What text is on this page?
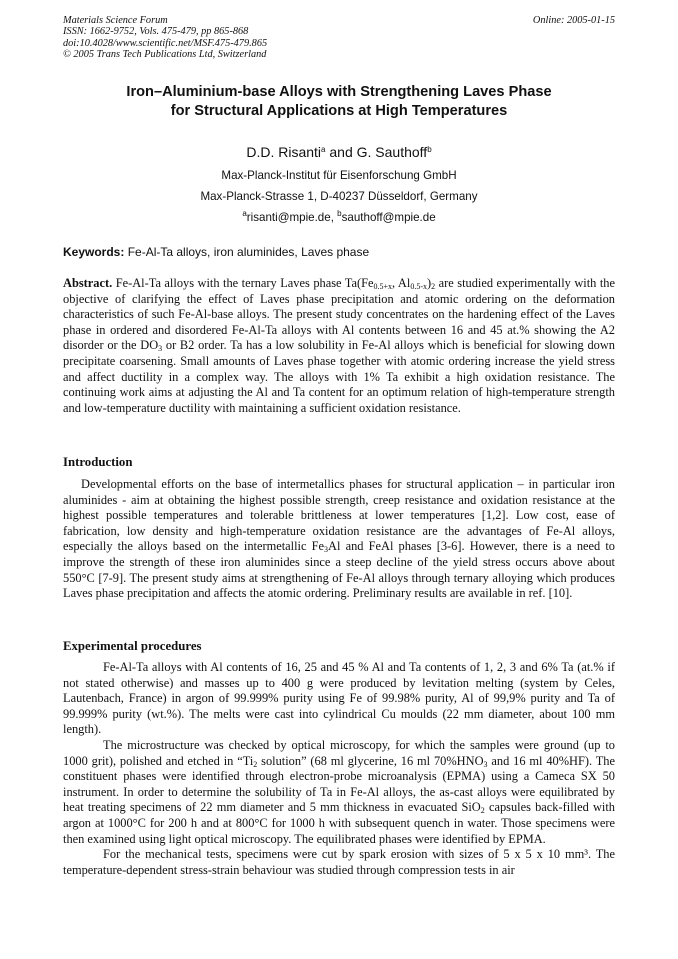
Materials Science Forum
ISSN: 1662-9752, Vols. 475-479, pp 865-868
doi:10.4028/www.scientific.net/MSF.475-479.865
© 2005 Trans Tech Publications Ltd, Switzerland
Online: 2005-01-15
Iron–Aluminium-base Alloys with Strengthening Laves Phase
for Structural Applications at High Temperatures
D.D. Risanti$^a$ and G. Sauthoff$^b$
Max-Planck-Institut für Eisenforschung GmbH
Max-Planck-Strasse 1, D-40237 Düsseldorf, Germany
$^a$risanti@mpie.de, $^b$sauthoff@mpie.de
Keywords: Fe-Al-Ta alloys, iron aluminides, Laves phase

Abstract. Fe-Al-Ta alloys with the ternary Laves phase $Ta(Fe_{0.5+x}$, $Al_{0.5-x})_2$ are studied experimentally with the objective of clarifying the effect of Laves phase precipitation and atomic ordering on the deformation characteristics of such Fe-Al-base alloys. The present study concentrates on the hardening effect of the Laves phase in ordered and disordered Fe-Al-Ta alloys with Al contents between 16 and 45 at.% showing the A2 disorder or the $DO_3$ or B2 order. Ta has a low solubility in Fe-Al alloys which is beneficial for slowing down precipitate coarsening. Small amounts of Laves phase together with atomic ordering increase the yield stress and affect ductility in a complex way. The alloys with 1% Ta exhibit a high oxidation resistance. The continuing work aims at adjusting the Al and Ta content for an optimum relation of high-temperature strength and low-temperature ductility with maintaining a sufficient oxidation resistance.

Introduction

Developmental efforts on the base of intermetallics phases for structural application – in particular iron aluminides - aim at obtaining the highest possible strength, creep resistance and oxidation resistance at the highest possible temperatures and tolerable brittleness at lower temperatures [1,2]. Low cost, ease of fabrication, low density and high-temperature oxidation resistance are the advantages of Fe-Al alloys, especially the alloys based on the intermetallic $Fe_3Al$ and FeAl phases [3-6]. However, there is a need to improve the strength of these iron aluminides since a steep decline of the yield stress occurs above about 550°C [7-9]. The present study aims at strengthening of Fe-Al alloys through ternary alloying which produces Laves phase precipitation and affects the atomic ordering. Preliminary results are available in ref. [10].

Experimental procedures

Fe-Al-Ta alloys with Al contents of 16, 25 and 45 % Al and Ta contents of 1, 2, 3 and 6% Ta (at.% if not stated otherwise) and masses up to 400 g were produced by levitation melting (system by Celes, Lautenbach, France) in argon of 99.999% purity using Fe of 99.98% purity, Al of 99,9% purity and Ta of 99.999% purity (wt.%). The melts were cast into cylindrical Cu moulds (22 mm diameter, about 100 mm length).

The microstructure was checked by optical microscopy, for which the samples were ground (up to 1000 grit), polished and etched in “$Ti_2$ solution” (68 ml glycerine, 16 ml $70\%HNO_3$ and 16 ml 40%HF). The constituent phases were identified through electron-probe microanalysis (EPMA) using a Cameca SX 50 instrument. In order to determine the solubility of Ta in Fe-Al alloys, the as-cast alloys were equilibrated by heat treating specimens of 22 mm diameter and 5 mm thickness in evacuated SiO$_2$ capsules back-filled with argon at 1000°C for 200 h and at 800°C for 1000 h with subsequent quench in water. Those specimens were then examined using light optical microscopy. The equilibrated phases were identified by EPMA.

For the mechanical tests, specimens were cut by spark erosion with sizes of 5 x 5 x 10 mm³. The temperature-dependent stress-strain behaviour was studied through compression tests in air
